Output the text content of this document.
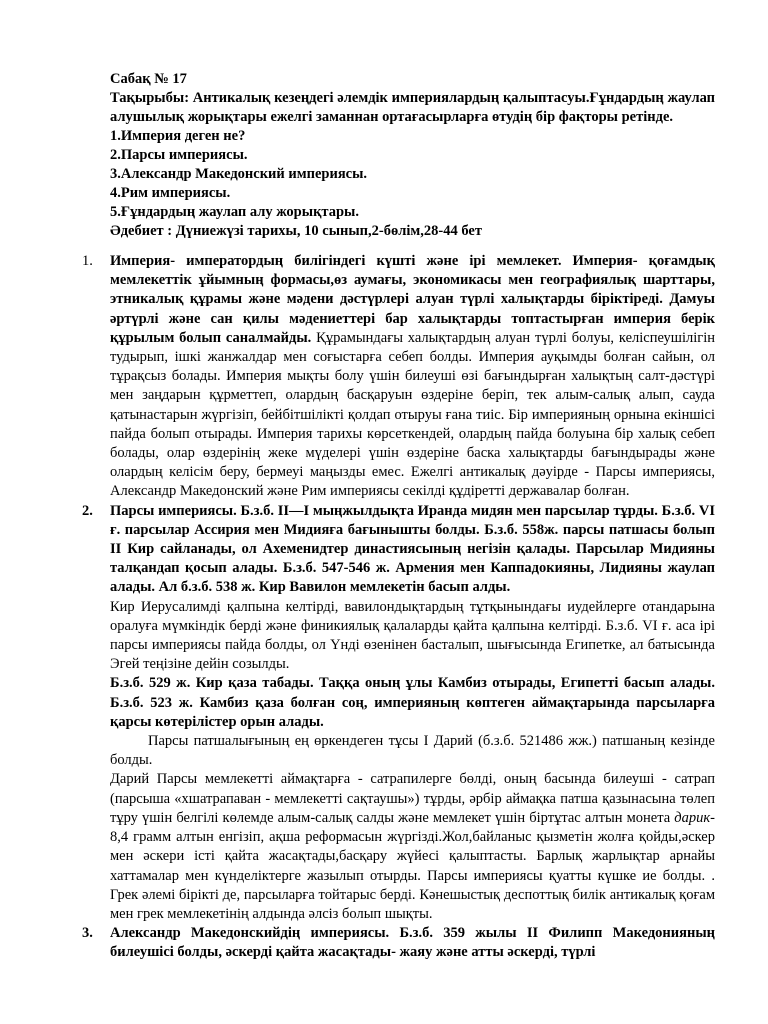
Сабақ № 17
Тақырыбы: Антикалық кезеңдегі әлемдік империялардың қалыптасуы.Ғұндардың жаулап алушылық жорықтары ежелгі заманнан ортағасырларға өтудің бір фақторы ретінде.
1.Империя деген не?
2.Парсы империясы.
3.Александр Македонский империясы.
4.Рим империясы.
5.Ғұндардың жаулап алу жорықтары.
Әдебиет : Дүниежүзі тарихы, 10 сынып,2-бөлім,28-44 бет
1. Империя- императордың билігіндегі күшті және ірі мемлекет. Империя- қоғамдық мемлекеттік ұйымның формасы,өз аумағы, экономикасы мен географиялық шарттары, этникалық құрамы және мәдени дәстүрлері алуан түрлі халықтарды біріктіреді. Дамуы әртүрлі және сан қилы мәдениеттері бар халықтарды топтастырған империя берік құрылым болып саналмайды. Құрамындағы халықтардың алуан түрлі болуы, келіспеушілігін тудырып, ішкі жанжалдар мен соғыстарға себеп болды. Империя ауқымды болған сайын, ол тұрақсыз болады. Империя мықты болу үшін билеуші өзі бағындырған халықтың салт-дәстүрі мен заңдарын құрметтеп, олардың басқаруын өздеріне беріп, тек алым-салық алып, сауда қатынастарын жүргізіп, бейбітшілікті қолдап отыруы ғана тиіс. Бір империяның орнына екіншісі пайда болып отырады. Империя тарихы көрсеткендей, олардың пайда болуына бір халық себеп болады, олар өздерінің жеке мүделері үшін өздеріне баска халықтарды бағындырады және олардың келісім беру, бермеуі маңызды емес. Ежелгі антикалық дәуірде - Парсы империясы, Александр Македонский және Рим империясы секілді құдіретті державалар болған.

2. Парсы империясы. Б.з.б. ІІ—І мыңжылдықта Иранда мидян мен парсылар тұрды. Б.з.б. VІ ғ. парсылар Ассирия мен Мидияға бағынышты болды. Б.з.б. 558ж. парсы патшасы болып ІІ Кир сайланады, ол Ахеменидтер династиясының негізін қалады. Парсылар Мидияны талқандап қосып алады. Б.з.б. 547-546 ж. Армения мен Каппадокияны, Лидияны жаулап алады. Ал б.з.б. 538 ж. Кир Вавилон мемлекетін басып алды.

Кир Иерусалимді қалпына келтірді, вавилондықтардың тұтқынындағы иудейлерге отандарына оралуға мүмкіндік берді және финикиялық қалаларды қайта қалпына келтірді. Б.з.б. VІ ғ. аса ірі парсы империясы пайда болды, ол Үнді өзенінен басталып, шығысында Египетке, ал батысында Эгей теңізіне дейін созылды.

Б.з.б. 529 ж. Кир қаза табады. Таққа оның ұлы Камбиз отырады, Египетті басып алады. Б.з.б. 523 ж. Камбиз қаза болған соң, империяның көптеген аймақтарында парсыларға қарсы көтерілістер орын алады.

Парсы патшалығының ең өркендеген тұсы І Дарий (б.з.б. 521486 жж.) патшаның кезінде болды.

Дарий Парсы мемлекетті аймақтарға - сатрапилерге бөлді, оның басында билеуші - сатрап (парсыша «хшатрапаван - мемлекетті сақтаушы») тұрды, әрбір аймақка патша қазынасына төлеп тұру үшін белгілі көлемде алым-салық салды және мемлекет үшін біртұтас алтын монета дарик- 8,4 грамм алтын енгізіп, ақша реформасын жүргізді.Жол,байланыс қызметін жолға қойды,әскер мен әскери істі қайта жасақтады,басқару жүйесі қалыптасты. Барлық жарлықтар арнайы хаттамалар мен күнделіктерге жазылып отырды. Парсы империясы қуатты күшке ие болды. . Грек әлемі біріктi де, парсыларға тойтарыс берді. Кәнешыстық деспоттық билік антикалық қоғам мен грек мемлекетінің алдында әлсіз болып шықты.

3. Александр Македонскийдің империясы. Б.з.б. 359 жылы ІІ Филипп Македонияның билеушісі болды, әскерді қайта жасақтады- жаяу және атты әскерді, түрлі
